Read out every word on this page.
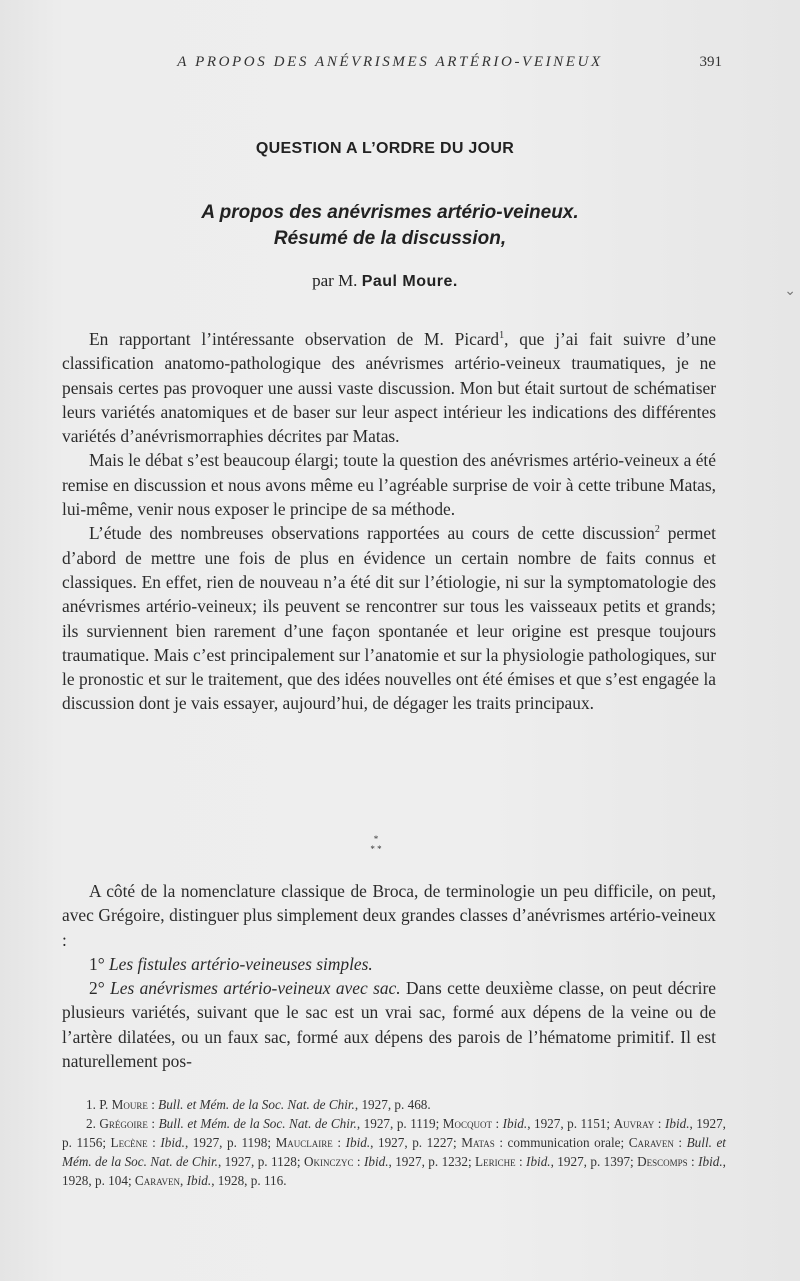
A PROPOS DES ANÉVRISMES ARTÉRIO-VEINEUX	391
⌄
QUESTION A L’ORDRE DU JOUR
A propos des anévrismes artério-veineux.
Résumé de la discussion,
par M. Paul Moure.

En rapportant l’intéressante observation de M. Picard$^1$, que j’ai fait suivre d’une classification anatomo-pathologique des anévrismes artério-veineux traumatiques, je ne pensais certes pas provoquer une aussi vaste discussion. Mon but était surtout de schématiser leurs variétés anatomiques et de baser sur leur aspect intérieur les indications des différentes variétés d’anévrismorraphies décrites par Matas.

Mais le débat s’est beaucoup élargi; toute la question des anévrismes artério-veineux a été remise en discussion et nous avons même eu l’agréable surprise de voir à cette tribune Matas, lui-même, venir nous exposer le principe de sa méthode.

L’étude des nombreuses observations rapportées au cours de cette discussion$^2$ permet d’abord de mettre une fois de plus en évidence un certain nombre de faits connus et classiques. En effet, rien de nouveau n’a été dit sur l’étiologie, ni sur la symptomatologie des anévrismes artério-veineux; ils peuvent se rencontrer sur tous les vaisseaux petits et grands; ils surviennent bien rarement d’une façon spontanée et leur origine est presque toujours traumatique. Mais c’est principalement sur l’anatomie et sur la physiologie pathologiques, sur le pronostic et sur le traitement, que des idées nouvelles ont été émises et que s’est engagée la discussion dont je vais essayer, aujourd’hui, de dégager les traits principaux.

*
* *

A côté de la nomenclature classique de Broca, de terminologie un peu difficile, on peut, avec Grégoire, distinguer plus simplement deux grandes classes d’anévrismes artério-veineux :

1° Les fistules artério-veineuses simples.

2° Les anévrismes artério-veineux avec sac. Dans cette deuxième classe, on peut décrire plusieurs variétés, suivant que le sac est un vrai sac, formé aux dépens de la veine ou de l’artère dilatées, ou un faux sac, formé aux dépens des parois de l’hématome primitif. Il est naturellement pos-

1. P. Moure : Bull. et Mém. de la Soc. Nat. de Chir., 1927, p. 468.

2. Grégoire : Bull. et Mém. de la Soc. Nat. de Chir., 1927, p. 1119; Mocquot : Ibid., 1927, p. 1151; Auvray : Ibid., 1927, p. 1156; Lecène : Ibid., 1927, p. 1198; Mauclaire : Ibid., 1927, p. 1227; Matas : communication orale; Caraven : Bull. et Mém. de la Soc. Nat. de Chir., 1927, p. 1128; Okinczyc : Ibid., 1927, p. 1232; Leriche : Ibid., 1927, p. 1397; Descomps : Ibid., 1928, p. 104; Caraven, Ibid., 1928, p. 116.
